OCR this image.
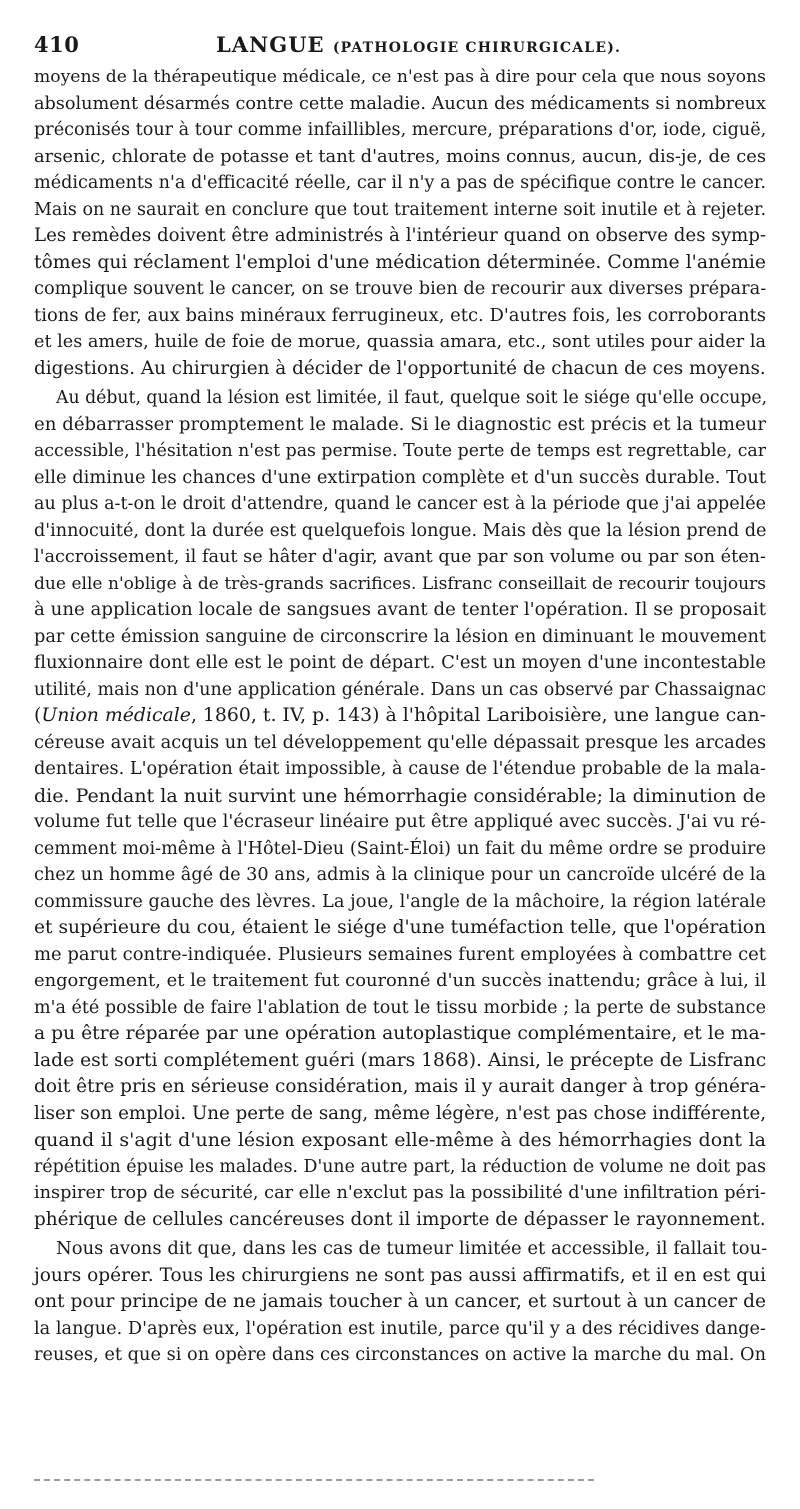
410	LANGUE (PATHOLOGIE CHIRURGICALE).
moyens de la thérapeutique médicale, ce n'est pas à dire pour cela que nous soyons
absolument désarmés contre cette maladie. Aucun des médicaments si nombreux
préconisés tour à tour comme infaillibles, mercure, préparations d'or, iode, ciguë,
arsenic, chlorate de potasse et tant d'autres, moins connus, aucun, dis-je, de ces
médicaments n'a d'efficacité réelle, car il n'y a pas de spécifique contre le cancer.
Mais on ne saurait en conclure que tout traitement interne soit inutile et à rejeter.
Les remèdes doivent être administrés à l'intérieur quand on observe des symp-
tômes qui réclament l'emploi d'une médication déterminée. Comme l'anémie
complique souvent le cancer, on se trouve bien de recourir aux diverses prépara-
tions de fer, aux bains minéraux ferrugineux, etc. D'autres fois, les corroborants
et les amers, huile de foie de morue, quassia amara, etc., sont utiles pour aider la
digestions. Au chirurgien à décider de l'opportunité de chacun de ces moyens.
Au début, quand la lésion est limitée, il faut, quelque soit le siége qu'elle occupe,
en débarrasser promptement le malade. Si le diagnostic est précis et la tumeur
accessible, l'hésitation n'est pas permise. Toute perte de temps est regrettable, car
elle diminue les chances d'une extirpation complète et d'un succès durable. Tout
au plus a-t-on le droit d'attendre, quand le cancer est à la période que j'ai appelée
d'innocuité, dont la durée est quelquefois longue. Mais dès que la lésion prend de
l'accroissement, il faut se hâter d'agir, avant que par son volume ou par son éten-
due elle n'oblige à de très-grands sacrifices. Lisfranc conseillait de recourir toujours
à une application locale de sangsues avant de tenter l'opération. Il se proposait
par cette émission sanguine de circonscrire la lésion en diminuant le mouvement
fluxionnaire dont elle est le point de départ. C'est un moyen d'une incontestable
utilité, mais non d'une application générale. Dans un cas observé par Chassaignac
(Union médicale, 1860, t. IV, p. 143) à l'hôpital Lariboisière, une langue can-
céreuse avait acquis un tel développement qu'elle dépassait presque les arcades
dentaires. L'opération était impossible, à cause de l'étendue probable de la mala-
die. Pendant la nuit survint une hémorrhagie considérable; la diminution de
volume fut telle que l'écraseur linéaire put être appliqué avec succès. J'ai vu ré-
cemment moi-même à l'Hôtel-Dieu (Saint-Éloi) un fait du même ordre se produire
chez un homme âgé de 30 ans, admis à la clinique pour un cancroïde ulcéré de la
commissure gauche des lèvres. La joue, l'angle de la mâchoire, la région latérale
et supérieure du cou, étaient le siége d'une tuméfaction telle, que l'opération
me parut contre-indiquée. Plusieurs semaines furent employées à combattre cet
engorgement, et le traitement fut couronné d'un succès inattendu; grâce à lui, il
m'a été possible de faire l'ablation de tout le tissu morbide ; la perte de substance
a pu être réparée par une opération autoplastique complémentaire, et le ma-
lade est sorti complétement guéri (mars 1868). Ainsi, le précepte de Lisfranc
doit être pris en sérieuse considération, mais il y aurait danger à trop généra-
liser son emploi. Une perte de sang, même légère, n'est pas chose indifférente,
quand il s'agit d'une lésion exposant elle-même à des hémorrhagies dont la
répétition épuise les malades. D'une autre part, la réduction de volume ne doit pas
inspirer trop de sécurité, car elle n'exclut pas la possibilité d'une infiltration péri-
phérique de cellules cancéreuses dont il importe de dépasser le rayonnement.
Nous avons dit que, dans les cas de tumeur limitée et accessible, il fallait tou-
jours opérer. Tous les chirurgiens ne sont pas aussi affirmatifs, et il en est qui
ont pour principe de ne jamais toucher à un cancer, et surtout à un cancer de
la langue. D'après eux, l'opération est inutile, parce qu'il y a des récidives dange-
reuses, et que si on opère dans ces circonstances on active la marche du mal. On
